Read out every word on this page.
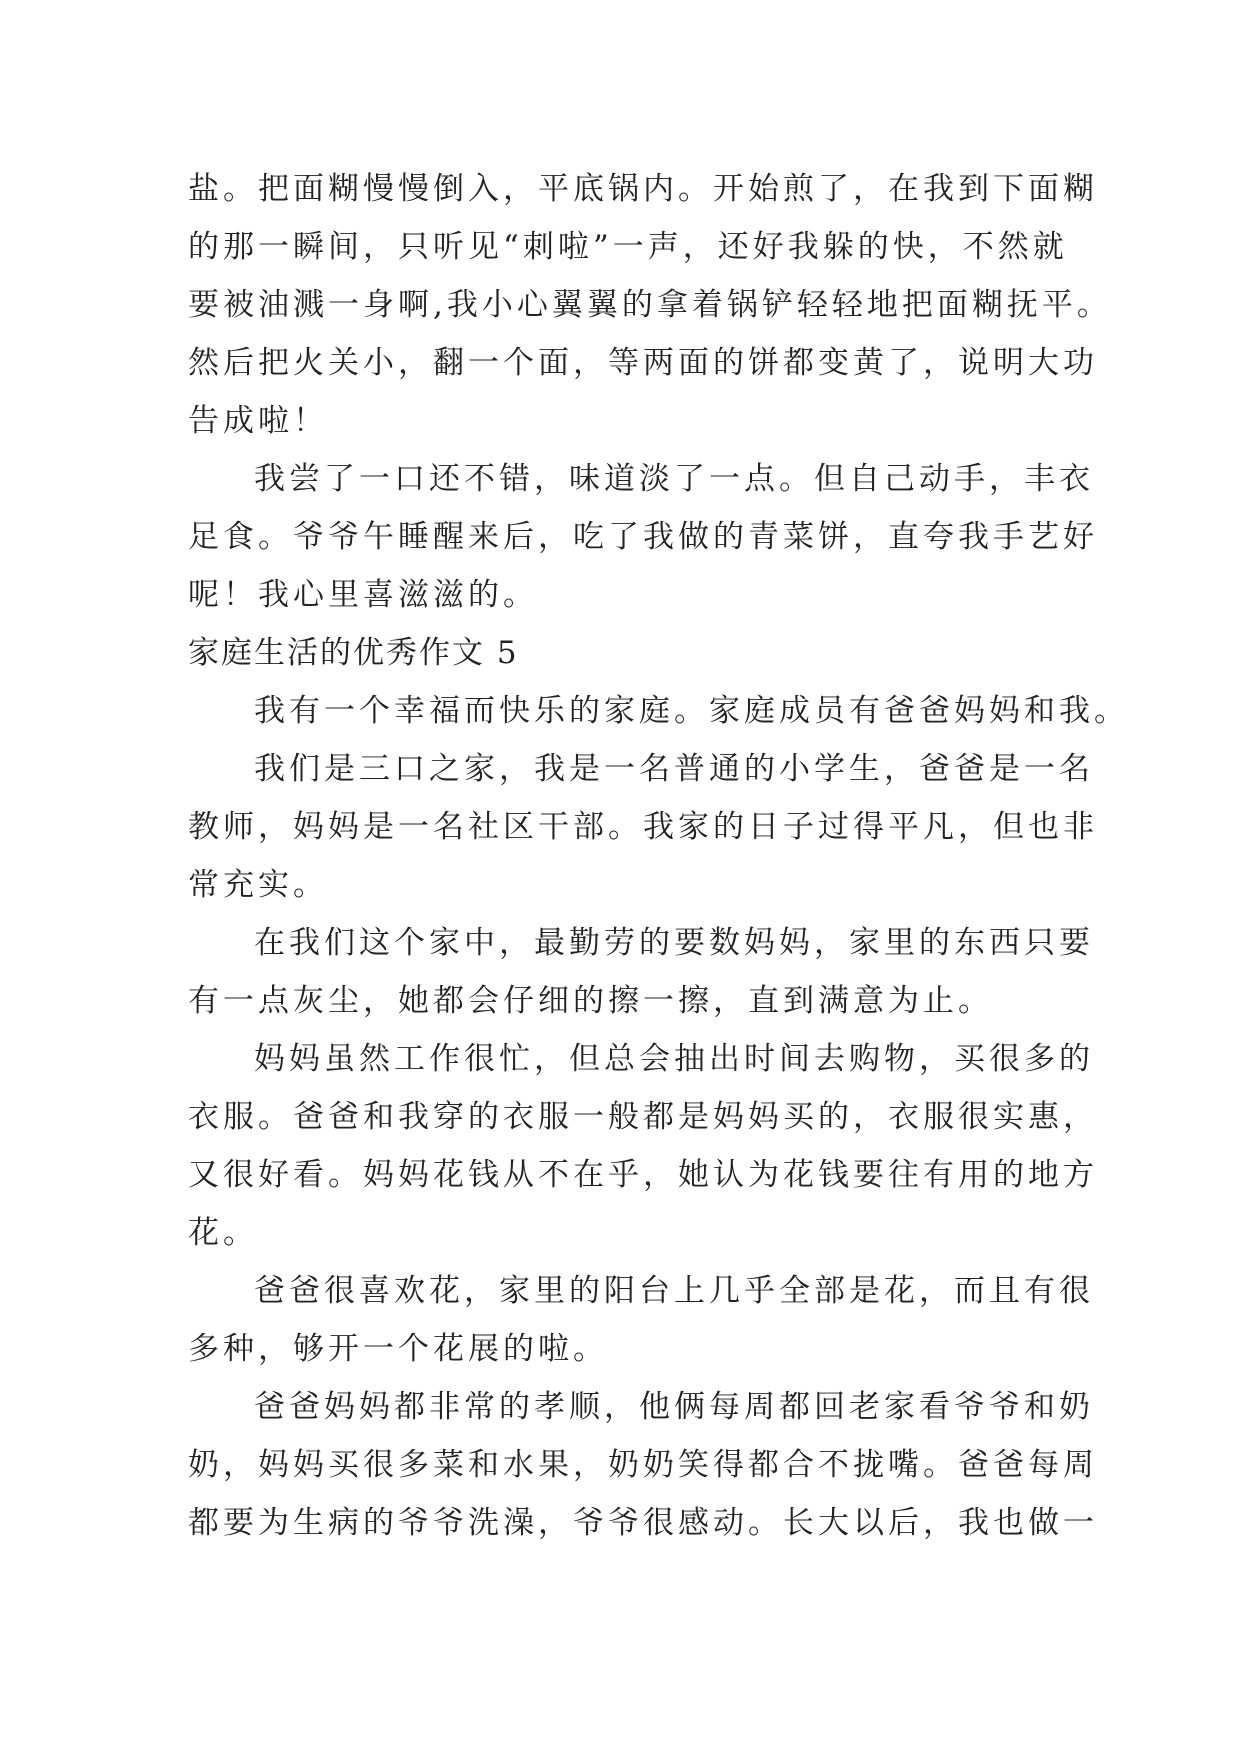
盐。把面糊慢慢倒入，平底锅内。开始煎了，在我到下面糊
的那一瞬间，只听见“刺啦”一声，还好我躲的快，不然就
要被油溅一身啊,我小心翼翼的拿着锅铲轻轻地把面糊抚平。
然后把火关小，翻一个面，等两面的饼都变黄了，说明大功
告成啦！
我尝了一口还不错，味道淡了一点。但自己动手，丰衣
足食。爷爷午睡醒来后，吃了我做的青菜饼，直夸我手艺好
呢！我心里喜滋滋的。
家庭生活的优秀作文 5
我有一个幸福而快乐的家庭。家庭成员有爸爸妈妈和我。
我们是三口之家，我是一名普通的小学生，爸爸是一名
教师，妈妈是一名社区干部。我家的日子过得平凡，但也非
常充实。
在我们这个家中，最勤劳的要数妈妈，家里的东西只要
有一点灰尘，她都会仔细的擦一擦，直到满意为止。
妈妈虽然工作很忙，但总会抽出时间去购物，买很多的
衣服。爸爸和我穿的衣服一般都是妈妈买的，衣服很实惠，
又很好看。妈妈花钱从不在乎，她认为花钱要往有用的地方
花。
爸爸很喜欢花，家里的阳台上几乎全部是花，而且有很
多种，够开一个花展的啦。
爸爸妈妈都非常的孝顺，他俩每周都回老家看爷爷和奶
奶，妈妈买很多菜和水果，奶奶笑得都合不拢嘴。爸爸每周
都要为生病的爷爷洗澡，爷爷很感动。长大以后，我也做一
